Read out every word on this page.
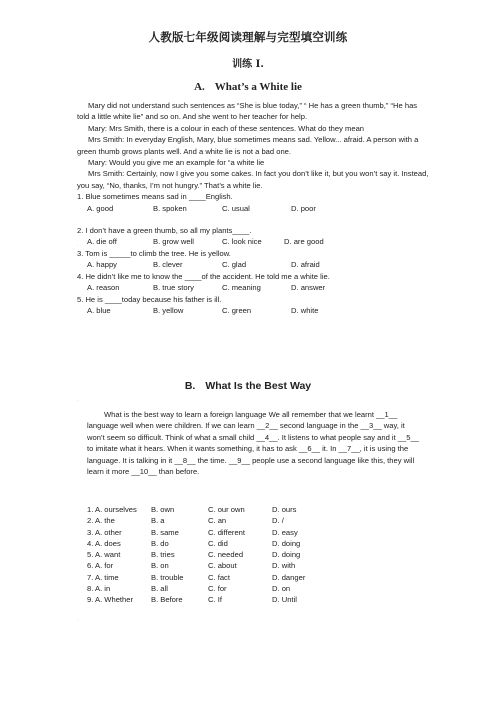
人教版七年级阅读理解与完型填空训练
训练 I.
A. What’s a White lie

Mary did not understand such sentences as “She is blue today,” “ He has a green thumb,” “He has told a little white lie” and so on. And she went to her teacher for help.

Mary: Mrs Smith, there is a colour in each of these sentences. What do they mean

Mrs Smith: In everyday English, Mary, blue sometimes means sad. Yellow... afraid. A person with a green thumb grows plants well. And a white lie is not a bad one.

Mary: Would you give me an example for “a white lie

Mrs Smith: Certainly, now I give you some cakes. In fact you don’t like it, but you won’t say it. Instead, you say, “No, thanks, I’m not hungry.” That’s a white lie.

1. Blue sometimes means sad in ____English.

A. good	B. spoken	C. usual	D. poor

2. I don’t have a green thumb, so all my plants____.

A. die off	B. grow well	C. look nice	D. are good

3. Tom is _____to climb the tree. He is yellow.

A. happy	B. clever	C. glad	D. afraid

4. He didn’t like me to know the ____of the accident. He told me a white lie.

A. reason	B. true story	C. meaning	D. answer

5. He is ____today because his father is ill.

A. blue	B. yellow	C. green	D. white
B. What Is the Best Way
What is the best way to learn a foreign language We all remember that we learnt __1__ language well when were children. If we can learn __2__ second language in the __3__ way, it won’t seem so difficult. Think of what a small child __4__. It listens to what people say and it __5__ to imitate what it hears. When it wants something, it has to ask __6__ it. In __7__, it is using the language. It is talking in it __8__ the time. __9__ people use a second language like this, they will learn it more __10__ than before.
1. A. ourselves	B. own	C. our own	D. ours
2. A. the	B. a	C. an	D. /
3. A. other	B. same	C. different	D. easy
4. A. does	B. do	C. did	D. doing
5. A. want	B. tries	C. needed	D. doing
6. A. for	B. on	C. about	D. with
7. A. time	B. trouble	C. fact	D. danger
8. A. in	B. all	C. for	D. on
9. A. Whether	B. Before	C. If	D. Until
·
·
·
